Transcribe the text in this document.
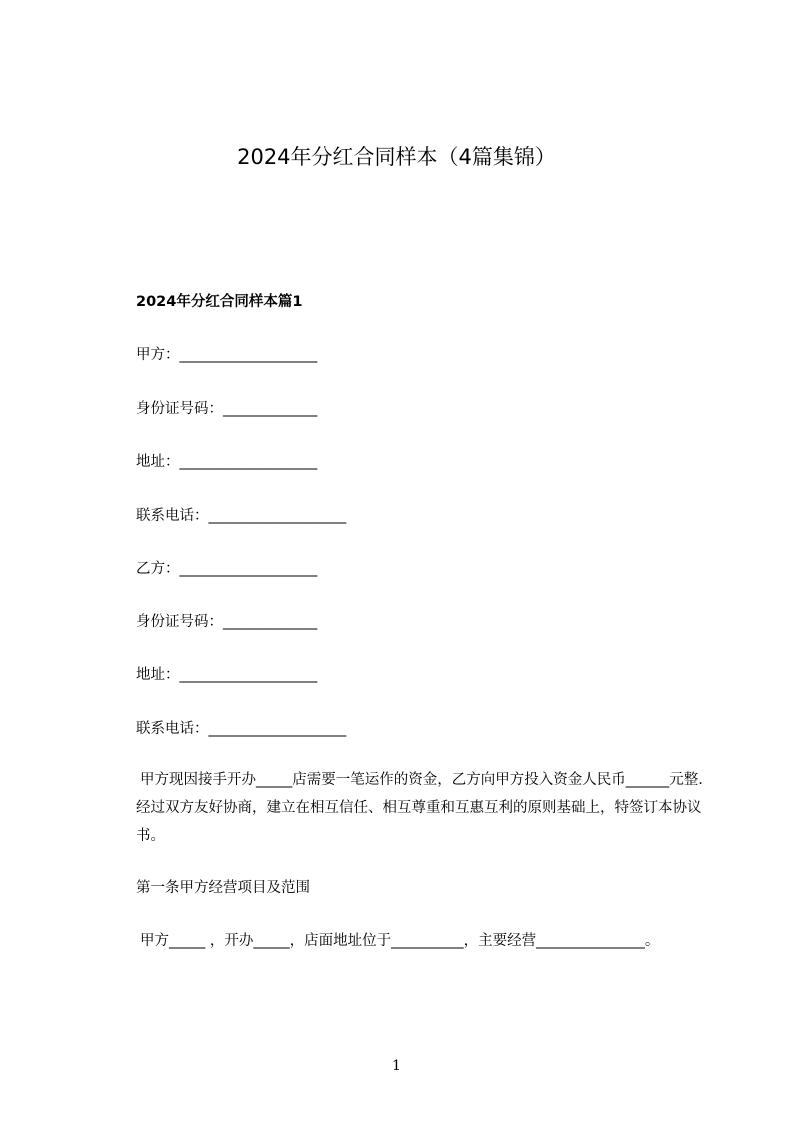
2024年分红合同样本（4篇集锦）
2024年分红合同样本篇1
甲方：___________________
身份证号码：_____________
地址：___________________
联系电话：___________________
乙方：___________________
身份证号码：_____________
地址：___________________
联系电话：___________________
甲方现因接手开办_____店需要一笔运作的资金，乙方向甲方投入资金人民币______元整.经过双方友好协商，建立在相互信任、相互尊重和互惠互利的原则基础上，特签订本协议书。
第一条甲方经营项目及范围
甲方_____ ，开办_____，店面地址位于__________，主要经营_______________。
1
